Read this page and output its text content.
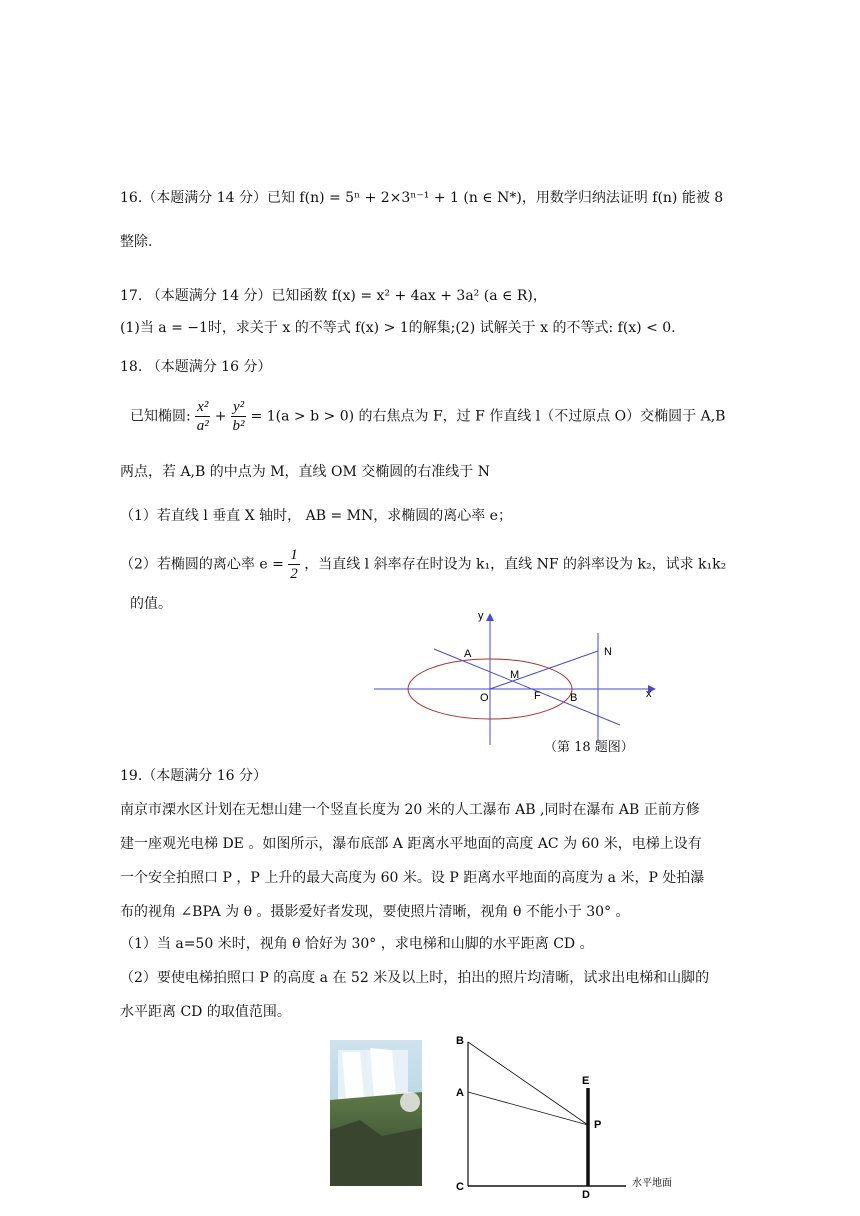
16.（本题满分 14 分）已知 f(n) = 5ⁿ + 2×3ⁿ⁻¹ + 1 (n ∈ N*)，用数学归纳法证明 f(n) 能被 8
整除.
17. （本题满分 14 分）已知函数 f(x) = x² + 4ax + 3a² (a ∈ R)，
(1)当 a = −1时，求关于 x 的不等式 f(x) > 1的解集;(2) 试解关于 x 的不等式: f(x) < 0.
18. （本题满分 16 分）
已知椭圆: $\frac{\text{x²}}{\text{a²}} + \frac{\text{y²}}{\text{b²}} = 1(a > b > 0)$ 的右焦点为 F，过 F 作直线 l（不过原点 O）交椭圆于 A,B
两点，若 A,B 的中点为 M，直线 OM 交椭圆的右准线于 N
（1）若直线 l 垂直 X 轴时， AB = MN，求椭圆的离心率 e；
（2）若椭圆的离心率 $e = \frac{1}{2}$ ，当直线 l 斜率存在时设为 k₁，直线 NF 的斜率设为 k₂，试求 k₁k₂
的值。
y
x
A
M
N
O	F	B
（第 18 题图）
19.（本题满分 16 分）
南京市溧水区计划在无想山建一个竖直长度为 20 米的人工瀑布 AB ,同时在瀑布 AB 正前方修
建一座观光电梯 DE 。如图所示，瀑布底部 A 距离水平地面的高度 AC 为 60 米，电梯上设有
一个安全拍照口 P ，P 上升的最大高度为 60 米。设 P 距离水平地面的高度为 a 米，P 处拍瀑
布的视角 ∠BPA 为 θ 。摄影爱好者发现，要使照片清晰，视角 θ 不能小于 30° 。
（1）当 a=50 米时，视角 θ 恰好为 30° ，求电梯和山脚的水平距离 CD 。
（2）要使电梯拍照口 P 的高度 a 在 52 米及以上时，拍出的照片均清晰，试求出电梯和山脚的
水平距离 CD 的取值范围。
B
A
C
E
P
D
水平地面
